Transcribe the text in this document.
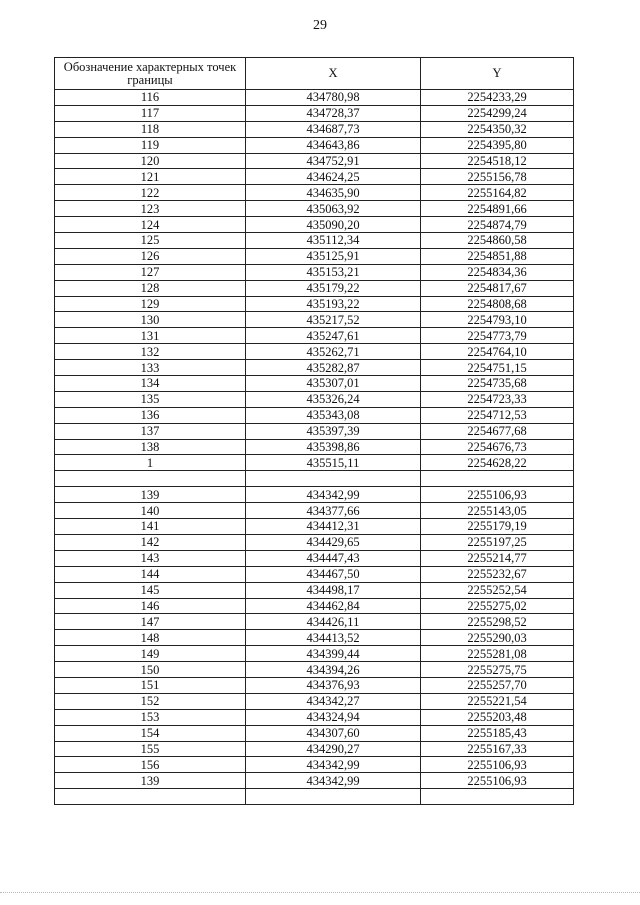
29
Обозначение характерных точек границы	X	Y
116	434780,98	2254233,29
117	434728,37	2254299,24
118	434687,73	2254350,32
119	434643,86	2254395,80
120	434752,91	2254518,12
121	434624,25	2255156,78
122	434635,90	2255164,82
123	435063,92	2254891,66
124	435090,20	2254874,79
125	435112,34	2254860,58
126	435125,91	2254851,88
127	435153,21	2254834,36
128	435179,22	2254817,67
129	435193,22	2254808,68
130	435217,52	2254793,10
131	435247,61	2254773,79
132	435262,71	2254764,10
133	435282,87	2254751,15
134	435307,01	2254735,68
135	435326,24	2254723,33
136	435343,08	2254712,53
137	435397,39	2254677,68
138	435398,86	2254676,73
1	435515,11	2254628,22

139	434342,99	2255106,93
140	434377,66	2255143,05
141	434412,31	2255179,19
142	434429,65	2255197,25
143	434447,43	2255214,77
144	434467,50	2255232,67
145	434498,17	2255252,54
146	434462,84	2255275,02
147	434426,11	2255298,52
148	434413,52	2255290,03
149	434399,44	2255281,08
150	434394,26	2255275,75
151	434376,93	2255257,70
152	434342,27	2255221,54
153	434324,94	2255203,48
154	434307,60	2255185,43
155	434290,27	2255167,33
156	434342,99	2255106,93
139	434342,99	2255106,93
